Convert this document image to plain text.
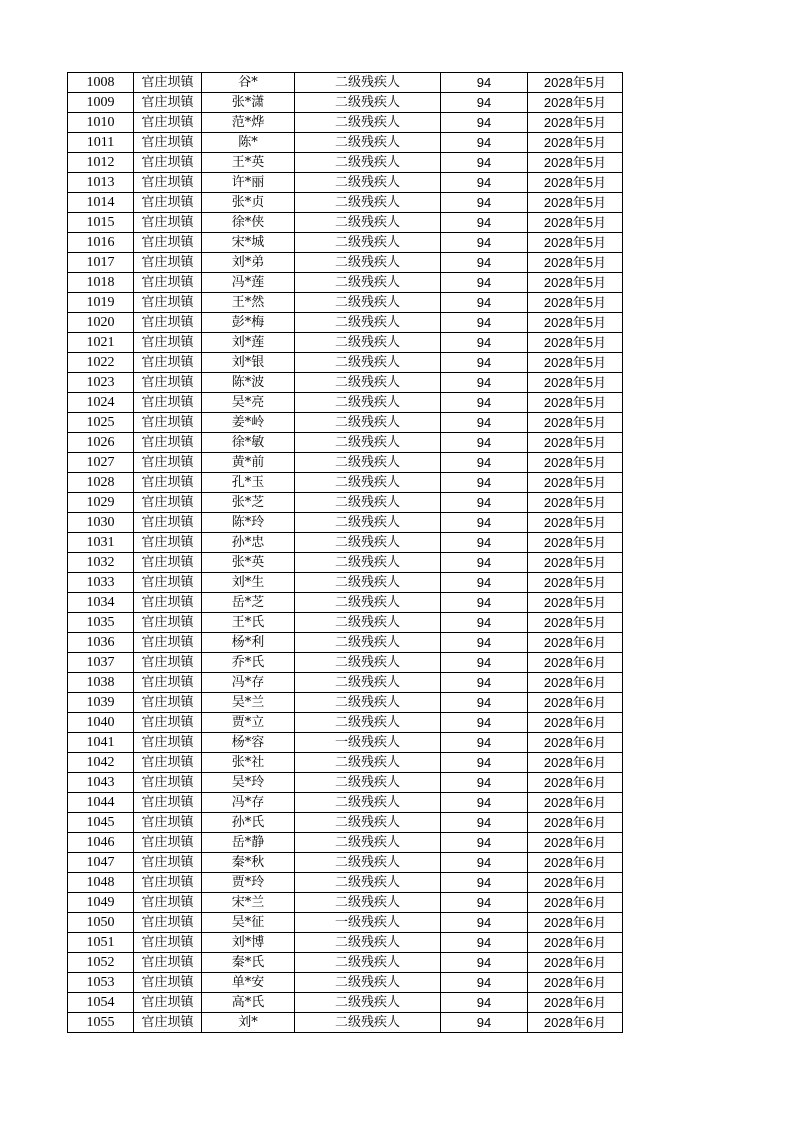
1008	官庄坝镇	谷*	二级残疾人	94	2028年5月
1009	官庄坝镇	张*潇	二级残疾人	94	2028年5月
1010	官庄坝镇	范*烨	二级残疾人	94	2028年5月
1011	官庄坝镇	陈*	二级残疾人	94	2028年5月
1012	官庄坝镇	王*英	二级残疾人	94	2028年5月
1013	官庄坝镇	许*丽	二级残疾人	94	2028年5月
1014	官庄坝镇	张*贞	二级残疾人	94	2028年5月
1015	官庄坝镇	徐*侠	二级残疾人	94	2028年5月
1016	官庄坝镇	宋*城	二级残疾人	94	2028年5月
1017	官庄坝镇	刘*弟	二级残疾人	94	2028年5月
1018	官庄坝镇	冯*莲	二级残疾人	94	2028年5月
1019	官庄坝镇	王*然	二级残疾人	94	2028年5月
1020	官庄坝镇	彭*梅	二级残疾人	94	2028年5月
1021	官庄坝镇	刘*莲	二级残疾人	94	2028年5月
1022	官庄坝镇	刘*银	二级残疾人	94	2028年5月
1023	官庄坝镇	陈*波	二级残疾人	94	2028年5月
1024	官庄坝镇	吴*亮	二级残疾人	94	2028年5月
1025	官庄坝镇	姜*岭	二级残疾人	94	2028年5月
1026	官庄坝镇	徐*敏	二级残疾人	94	2028年5月
1027	官庄坝镇	黄*前	二级残疾人	94	2028年5月
1028	官庄坝镇	孔*玉	二级残疾人	94	2028年5月
1029	官庄坝镇	张*芝	二级残疾人	94	2028年5月
1030	官庄坝镇	陈*玲	二级残疾人	94	2028年5月
1031	官庄坝镇	孙*忠	二级残疾人	94	2028年5月
1032	官庄坝镇	张*英	二级残疾人	94	2028年5月
1033	官庄坝镇	刘*生	二级残疾人	94	2028年5月
1034	官庄坝镇	岳*芝	二级残疾人	94	2028年5月
1035	官庄坝镇	王*氏	二级残疾人	94	2028年5月
1036	官庄坝镇	杨*利	二级残疾人	94	2028年6月
1037	官庄坝镇	乔*氏	二级残疾人	94	2028年6月
1038	官庄坝镇	冯*存	二级残疾人	94	2028年6月
1039	官庄坝镇	吴*兰	二级残疾人	94	2028年6月
1040	官庄坝镇	贾*立	二级残疾人	94	2028年6月
1041	官庄坝镇	杨*容	一级残疾人	94	2028年6月
1042	官庄坝镇	张*社	二级残疾人	94	2028年6月
1043	官庄坝镇	吴*玲	二级残疾人	94	2028年6月
1044	官庄坝镇	冯*存	二级残疾人	94	2028年6月
1045	官庄坝镇	孙*氏	二级残疾人	94	2028年6月
1046	官庄坝镇	岳*静	二级残疾人	94	2028年6月
1047	官庄坝镇	秦*秋	二级残疾人	94	2028年6月
1048	官庄坝镇	贾*玲	二级残疾人	94	2028年6月
1049	官庄坝镇	宋*兰	二级残疾人	94	2028年6月
1050	官庄坝镇	吴*征	一级残疾人	94	2028年6月
1051	官庄坝镇	刘*博	二级残疾人	94	2028年6月
1052	官庄坝镇	秦*氏	二级残疾人	94	2028年6月
1053	官庄坝镇	单*安	二级残疾人	94	2028年6月
1054	官庄坝镇	高*氏	二级残疾人	94	2028年6月
1055	官庄坝镇	刘*	二级残疾人	94	2028年6月
